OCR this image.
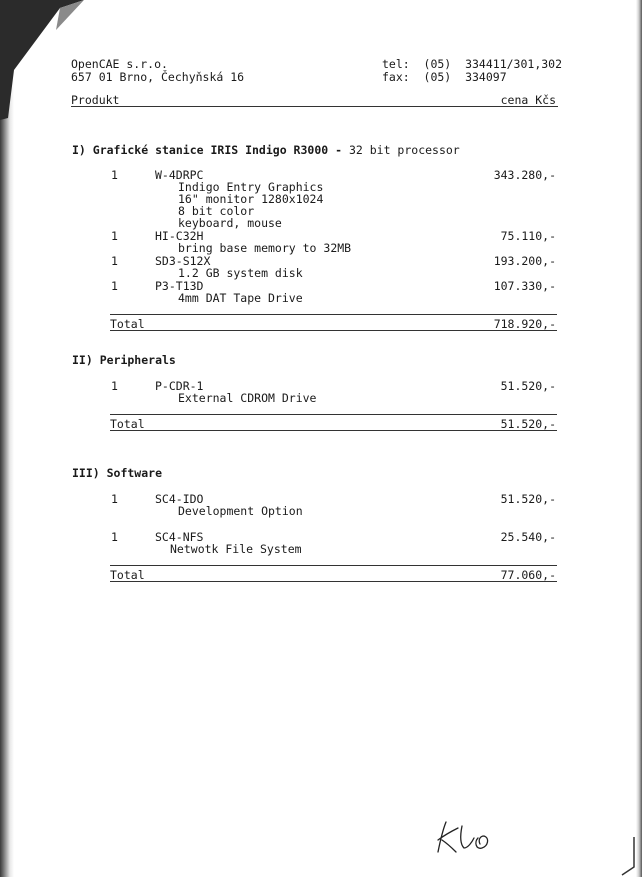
OpenCAE s.r.o.
657 01 Brno, Čechyňská 16
tel:  (05)  334411/301,302
fax:  (05)  334097
Produkt	cena Kčs
I) Grafické stanice IRIS Indigo R3000 - 32 bit processor
1	W-4DRPC	343.280,-
Indigo Entry Graphics
16" monitor 1280x1024
8 bit color
keyboard, mouse
1	HI-C32H	75.110,-
bring base memory to 32MB
1	SD3-S12X	193.200,-
1.2 GB system disk
1	P3-T13D	107.330,-
4mm DAT Tape Drive
Total	718.920,-
II) Peripherals
1	P-CDR-1	51.520,-
External CDROM Drive
Total	51.520,-
III) Software
1	SC4-IDO	51.520,-
Development Option
1	SC4-NFS	25.540,-
Netwotk File System
Total	77.060,-
